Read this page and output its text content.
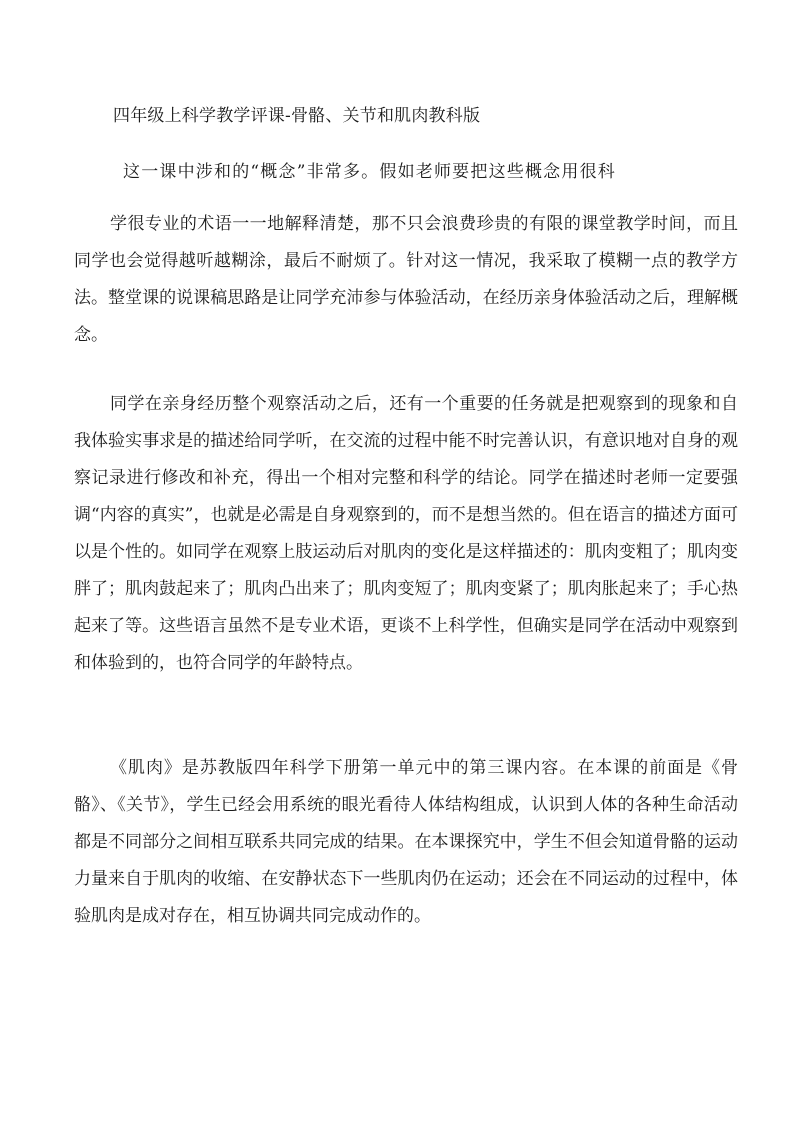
四年级上科学教学评课-骨骼、关节和肌肉教科版
这一课中涉和的“概念”非常多。假如老师要把这些概念用很科

学很专业的术语一一地解释清楚，那不只会浪费珍贵的有限的课堂教学时间，而且同学也会觉得越听越糊涂，最后不耐烦了。针对这一情况，我采取了模糊一点的教学方法。整堂课的说课稿思路是让同学充沛参与体验活动，在经历亲身体验活动之后，理解概念。

同学在亲身经历整个观察活动之后，还有一个重要的任务就是把观察到的现象和自我体验实事求是的描述给同学听，在交流的过程中能不时完善认识，有意识地对自身的观察记录进行修改和补充，得出一个相对完整和科学的结论。同学在描述时老师一定要强调“内容的真实”，也就是必需是自身观察到的，而不是想当然的。但在语言的描述方面可以是个性的。如同学在观察上肢运动后对肌肉的变化是这样描述的：肌肉变粗了；肌肉变胖了；肌肉鼓起来了；肌肉凸出来了；肌肉变短了；肌肉变紧了；肌肉胀起来了；手心热起来了等。这些语言虽然不是专业术语，更谈不上科学性，但确实是同学在活动中观察到和体验到的，也符合同学的年龄特点。

《肌肉》是苏教版四年科学下册第一单元中的第三课内容。在本课的前面是《骨骼》、《关节》，学生已经会用系统的眼光看待人体结构组成，认识到人体的各种生命活动都是不同部分之间相互联系共同完成的结果。在本课探究中，学生不但会知道骨骼的运动力量来自于肌肉的收缩、在安静状态下一些肌肉仍在运动；还会在不同运动的过程中，体验肌肉是成对存在，相互协调共同完成动作的。
